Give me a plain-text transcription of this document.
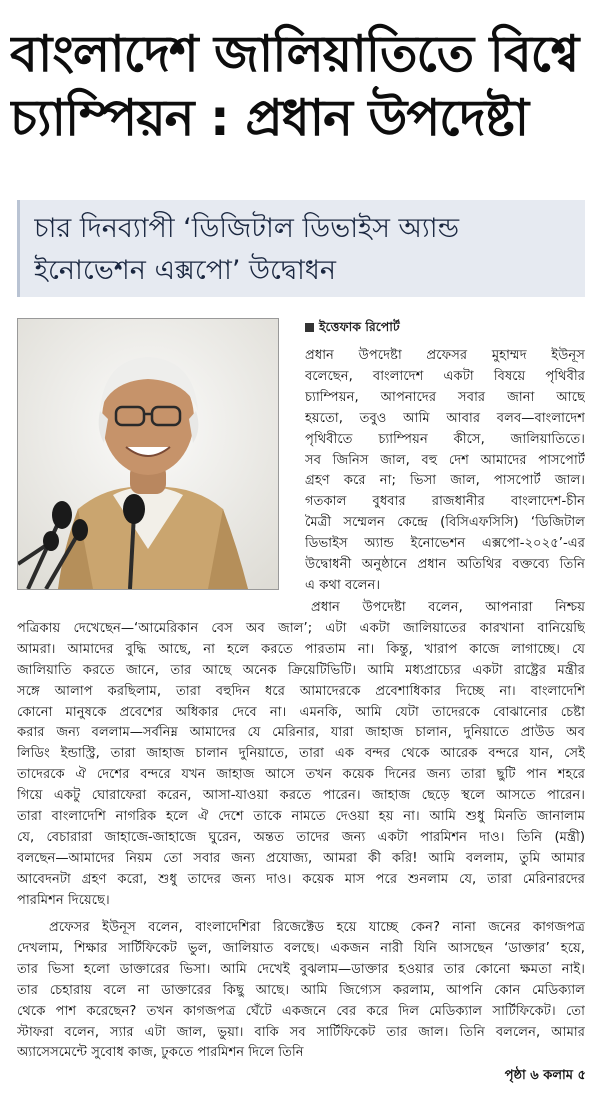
বাংলাদেশ জালিয়াতিতে বিশ্বে
চ্যাম্পিয়ন : প্রধান উপদেষ্টা
চার দিনব্যাপী ‘ডিজিটাল ডিভাইস অ্যান্ড
ইনোভেশন এক্সপো’ উদ্বোধন
ইত্তেফাক রিপোর্ট
প্রধান উপদেষ্টা প্রফেসর মুহাম্মদ ইউনূস
বলেছেন, বাংলাদেশ একটা বিষয়ে পৃথিবীর
চ্যাম্পিয়ন, আপনাদের সবার জানা আছে
হয়তো, তবুও আমি আবার বলব—বাংলাদেশ
পৃথিবীতে চ্যাম্পিয়ন কীসে, জালিয়াতিতে।
সব জিনিস জাল, বহু দেশ আমাদের পাসপোর্ট
গ্রহণ করে না; ভিসা জাল, পাসপোর্ট জাল।
গতকাল বুধবার রাজধানীর বাংলাদেশ-চীন
মৈত্রী সম্মেলন কেন্দ্রে (বিসিএফসিসি) ‘ডিজিটাল
ডিভাইস অ্যান্ড ইনোভেশন এক্সপো-২০২৫’-এর
উদ্বোধনী অনুষ্ঠানে প্রধান অতিথির বক্তব্যে তিনি
এ কথা বলেন।
প্রধান উপদেষ্টা বলেন, আপনারা নিশ্চয়
পত্রিকায় দেখেছেন—‘আমেরিকান বেস অব জাল’; এটা একটা জালিয়াতের কারখানা বানিয়েছি
আমরা। আমাদের বুদ্ধি আছে, না হলে করতে পারতাম না। কিন্তু, খারাপ কাজে লাগাচ্ছে। যে
জালিয়াতি করতে জানে, তার আছে অনেক ক্রিয়েটিভিটি। আমি মধ্যপ্রাচ্যের একটা রাষ্ট্রের মন্ত্রীর
সঙ্গে আলাপ করছিলাম, তারা বহুদিন ধরে আমাদেরকে প্রবেশাধিকার দিচ্ছে না। বাংলাদেশি
কোনো মানুষকে প্রবেশের অধিকার দেবে না। এমনকি, আমি যেটা তাদেরকে বোঝানোর চেষ্টা
করার জন্য বললাম—সর্বনিম্ন আমাদের যে মেরিনার, যারা জাহাজ চালান, দুনিয়াতে প্রাউড অব
লিডিং ইন্ডাস্ট্রি, তারা জাহাজ চালান দুনিয়াতে, তারা এক বন্দর থেকে আরেক বন্দরে যান, সেই
তাদেরকে ঐ দেশের বন্দরে যখন জাহাজ আসে তখন কয়েক দিনের জন্য তারা ছুটি পান শহরে
গিয়ে একটু ঘোরাফেরা করেন, আসা-যাওয়া করতে পারেন। জাহাজ ছেড়ে স্থলে আসতে পারেন।
তারা বাংলাদেশি নাগরিক হলে ঐ দেশে তাকে নামতে দেওয়া হয় না। আমি শুধু মিনতি জানালাম
যে, বেচারারা জাহাজে-জাহাজে ঘুরেন, অন্তত তাদের জন্য একটা পারমিশন দাও। তিনি (মন্ত্রী)
বলছেন—আমাদের নিয়ম তো সবার জন্য প্রযোজ্য, আমরা কী করি! আমি বললাম, তুমি আমার
আবেদনটা গ্রহণ করো, শুধু তাদের জন্য দাও। কয়েক মাস পরে শুনলাম যে, তারা মেরিনারদের
পারমিশন দিয়েছে।
প্রফেসর ইউনূস বলেন, বাংলাদেশিরা রিজেক্টেড হয়ে যাচ্ছে কেন? নানা জনের কাগজপত্র
দেখলাম, শিক্ষার সার্টিফিকেট ভুল, জালিয়াত বলছে। একজন নারী যিনি আসছেন ‘ডাক্তার’ হয়ে,
তার ভিসা হলো ডাক্তারের ভিসা। আমি দেখেই বুঝলাম—ডাক্তার হওয়ার তার কোনো ক্ষমতা নাই।
তার চেহারায় বলে না ডাক্তারের কিছু আছে। আমি জিগ্যেস করলাম, আপনি কোন মেডিক্যাল
থেকে পাশ করেছেন? তখন কাগজপত্র ঘেঁটে একজনে বের করে দিল মেডিক্যাল সার্টিফিকেট। তো
স্টাফরা বলেন, স্যার এটা জাল, ভুয়া। বাকি সব সার্টিফিকেট তার জাল। তিনি বললেন, আমার
অ্যাসেসমেন্টে সুবোধ কাজ, ঢুকতে পারমিশন দিলে তিনি
পৃষ্ঠা ৬ কলাম ৫
